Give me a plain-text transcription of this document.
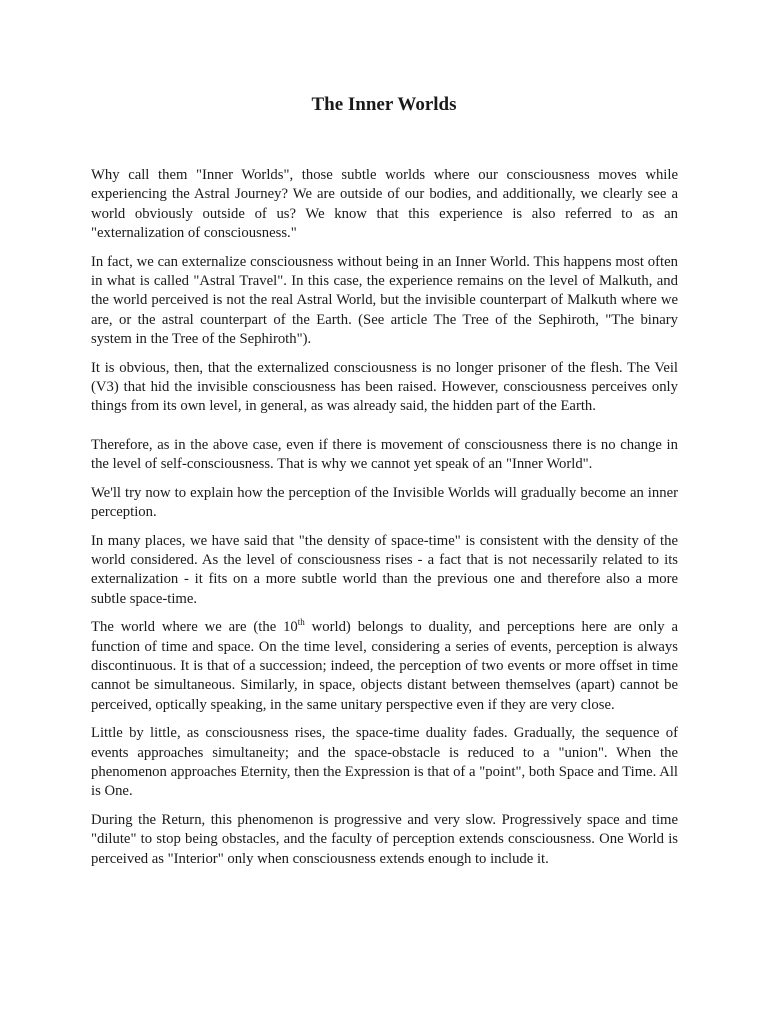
The Inner Worlds

Why call them "Inner Worlds", those subtle worlds where our consciousness moves while experiencing the Astral Journey? We are outside of our bodies, and additionally, we clearly see a world obviously outside of us? We know that this experience is also referred to as an "externalization of consciousness."

In fact, we can externalize consciousness without being in an Inner World. This happens most often in what is called "Astral Travel". In this case, the experience remains on the level of Malkuth, and the world perceived is not the real Astral World, but the invisible counterpart of Malkuth where we are, or the astral counterpart of the Earth. (See article The Tree of the Sephiroth, "The binary system in the Tree of the Sephiroth").

It is obvious, then, that the externalized consciousness is no longer prisoner of the flesh. The Veil (V3) that hid the invisible consciousness has been raised. However, consciousness perceives only things from its own level, in general, as was already said, the hidden part of the Earth.

Therefore, as in the above case, even if there is movement of consciousness there is no change in the level of self-consciousness. That is why we cannot yet speak of an "Inner World".

We'll try now to explain how the perception of the Invisible Worlds will gradually become an inner perception.

In many places, we have said that "the density of space-time" is consistent with the density of the world considered. As the level of consciousness rises - a fact that is not necessarily related to its externalization - it fits on a more subtle world than the previous one and therefore also a more subtle space-time.

The world where we are (the 10th world) belongs to duality, and perceptions here are only a function of time and space. On the time level, considering a series of events, perception is always discontinuous. It is that of a succession; indeed, the perception of two events or more offset in time cannot be simultaneous. Similarly, in space, objects distant between themselves (apart) cannot be perceived, optically speaking, in the same unitary perspective even if they are very close.

Little by little, as consciousness rises, the space-time duality fades. Gradually, the sequence of events approaches simultaneity; and the space-obstacle is reduced to a "union". When the phenomenon approaches Eternity, then the Expression is that of a "point", both Space and Time. All is One.

During the Return, this phenomenon is progressive and very slow. Progressively space and time "dilute" to stop being obstacles, and the faculty of perception extends consciousness. One World is perceived as "Interior" only when consciousness extends enough to include it.
